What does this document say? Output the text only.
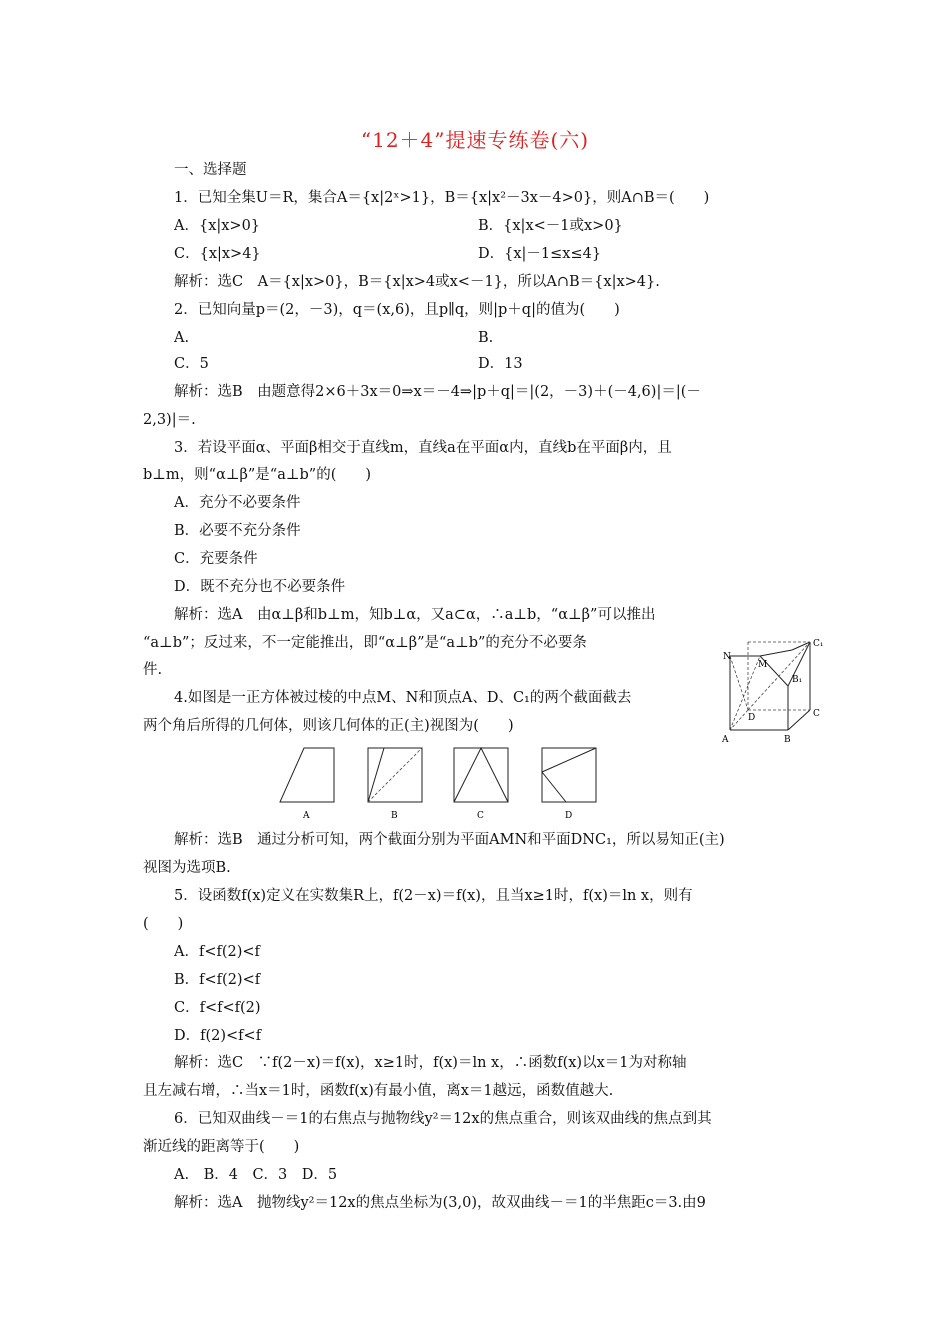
“12＋4”提速专练卷(六)
一、选择题
1．已知全集U＝R，集合A＝{x|2ˣ>1}，B＝{x|x²－3x－4>0}，则A∩B＝(　　)
A．{x|x>0}	B．{x|x<－1或x>0}
C．{x|x>4}	D．{x|－1≤x≤4}
解析：选C　A＝{x|x>0}，B＝{x|x>4或x<－1}，所以A∩B＝{x|x>4}.
2．已知向量p＝(2，－3)，q＝(x,6)，且p∥q，则|p＋q|的值为(　　)
A.	B.
C．5	D．13
解析：选B　由题意得2×6＋3x＝0⇒x＝－4⇒|p＋q|＝|(2，－3)＋(－4,6)|＝|(－
2,3)|＝.
3．若设平面α、平面β相交于直线m，直线a在平面α内，直线b在平面β内，且
b⊥m，则“α⊥β”是“a⊥b”的(　　)
A．充分不必要条件
B．必要不充分条件
C．充要条件
D．既不充分也不必要条件
解析：选A　由α⊥β和b⊥m，知b⊥α，又a⊂α，∴a⊥b，“α⊥β”可以推出
“a⊥b”；反过来，不一定能推出，即“α⊥β”是“a⊥b”的充分不必要条
件.
4.如图是一正方体被过棱的中点M、N和顶点A、D、C₁的两个截面截去
两个角后所得的几何体，则该几何体的正(主)视图为(　　)
N
M
C₁
B₁
D	C
A	B
A	B	C	D
解析：选B　通过分析可知，两个截面分别为平面AMN和平面DNC₁，所以易知正(主)
视图为选项B.
5．设函数f(x)定义在实数集R上，f(2－x)＝f(x)，且当x≥1时，f(x)＝ln x，则有
(　　)
A．f<f(2)<f
B．f<f(2)<f
C．f<f<f(2)
D．f(2)<f<f
解析：选C　∵f(2－x)＝f(x)，x≥1时，f(x)＝ln x，∴函数f(x)以x＝1为对称轴
且左减右增，∴当x＝1时，函数f(x)有最小值，离x＝1越远，函数值越大.
6．已知双曲线－＝1的右焦点与抛物线y²＝12x的焦点重合，则该双曲线的焦点到其
渐近线的距离等于(　　)
A.　B．4　C．3　D．5
解析：选A　抛物线y²＝12x的焦点坐标为(3,0)，故双曲线－＝1的半焦距c＝3.由9
